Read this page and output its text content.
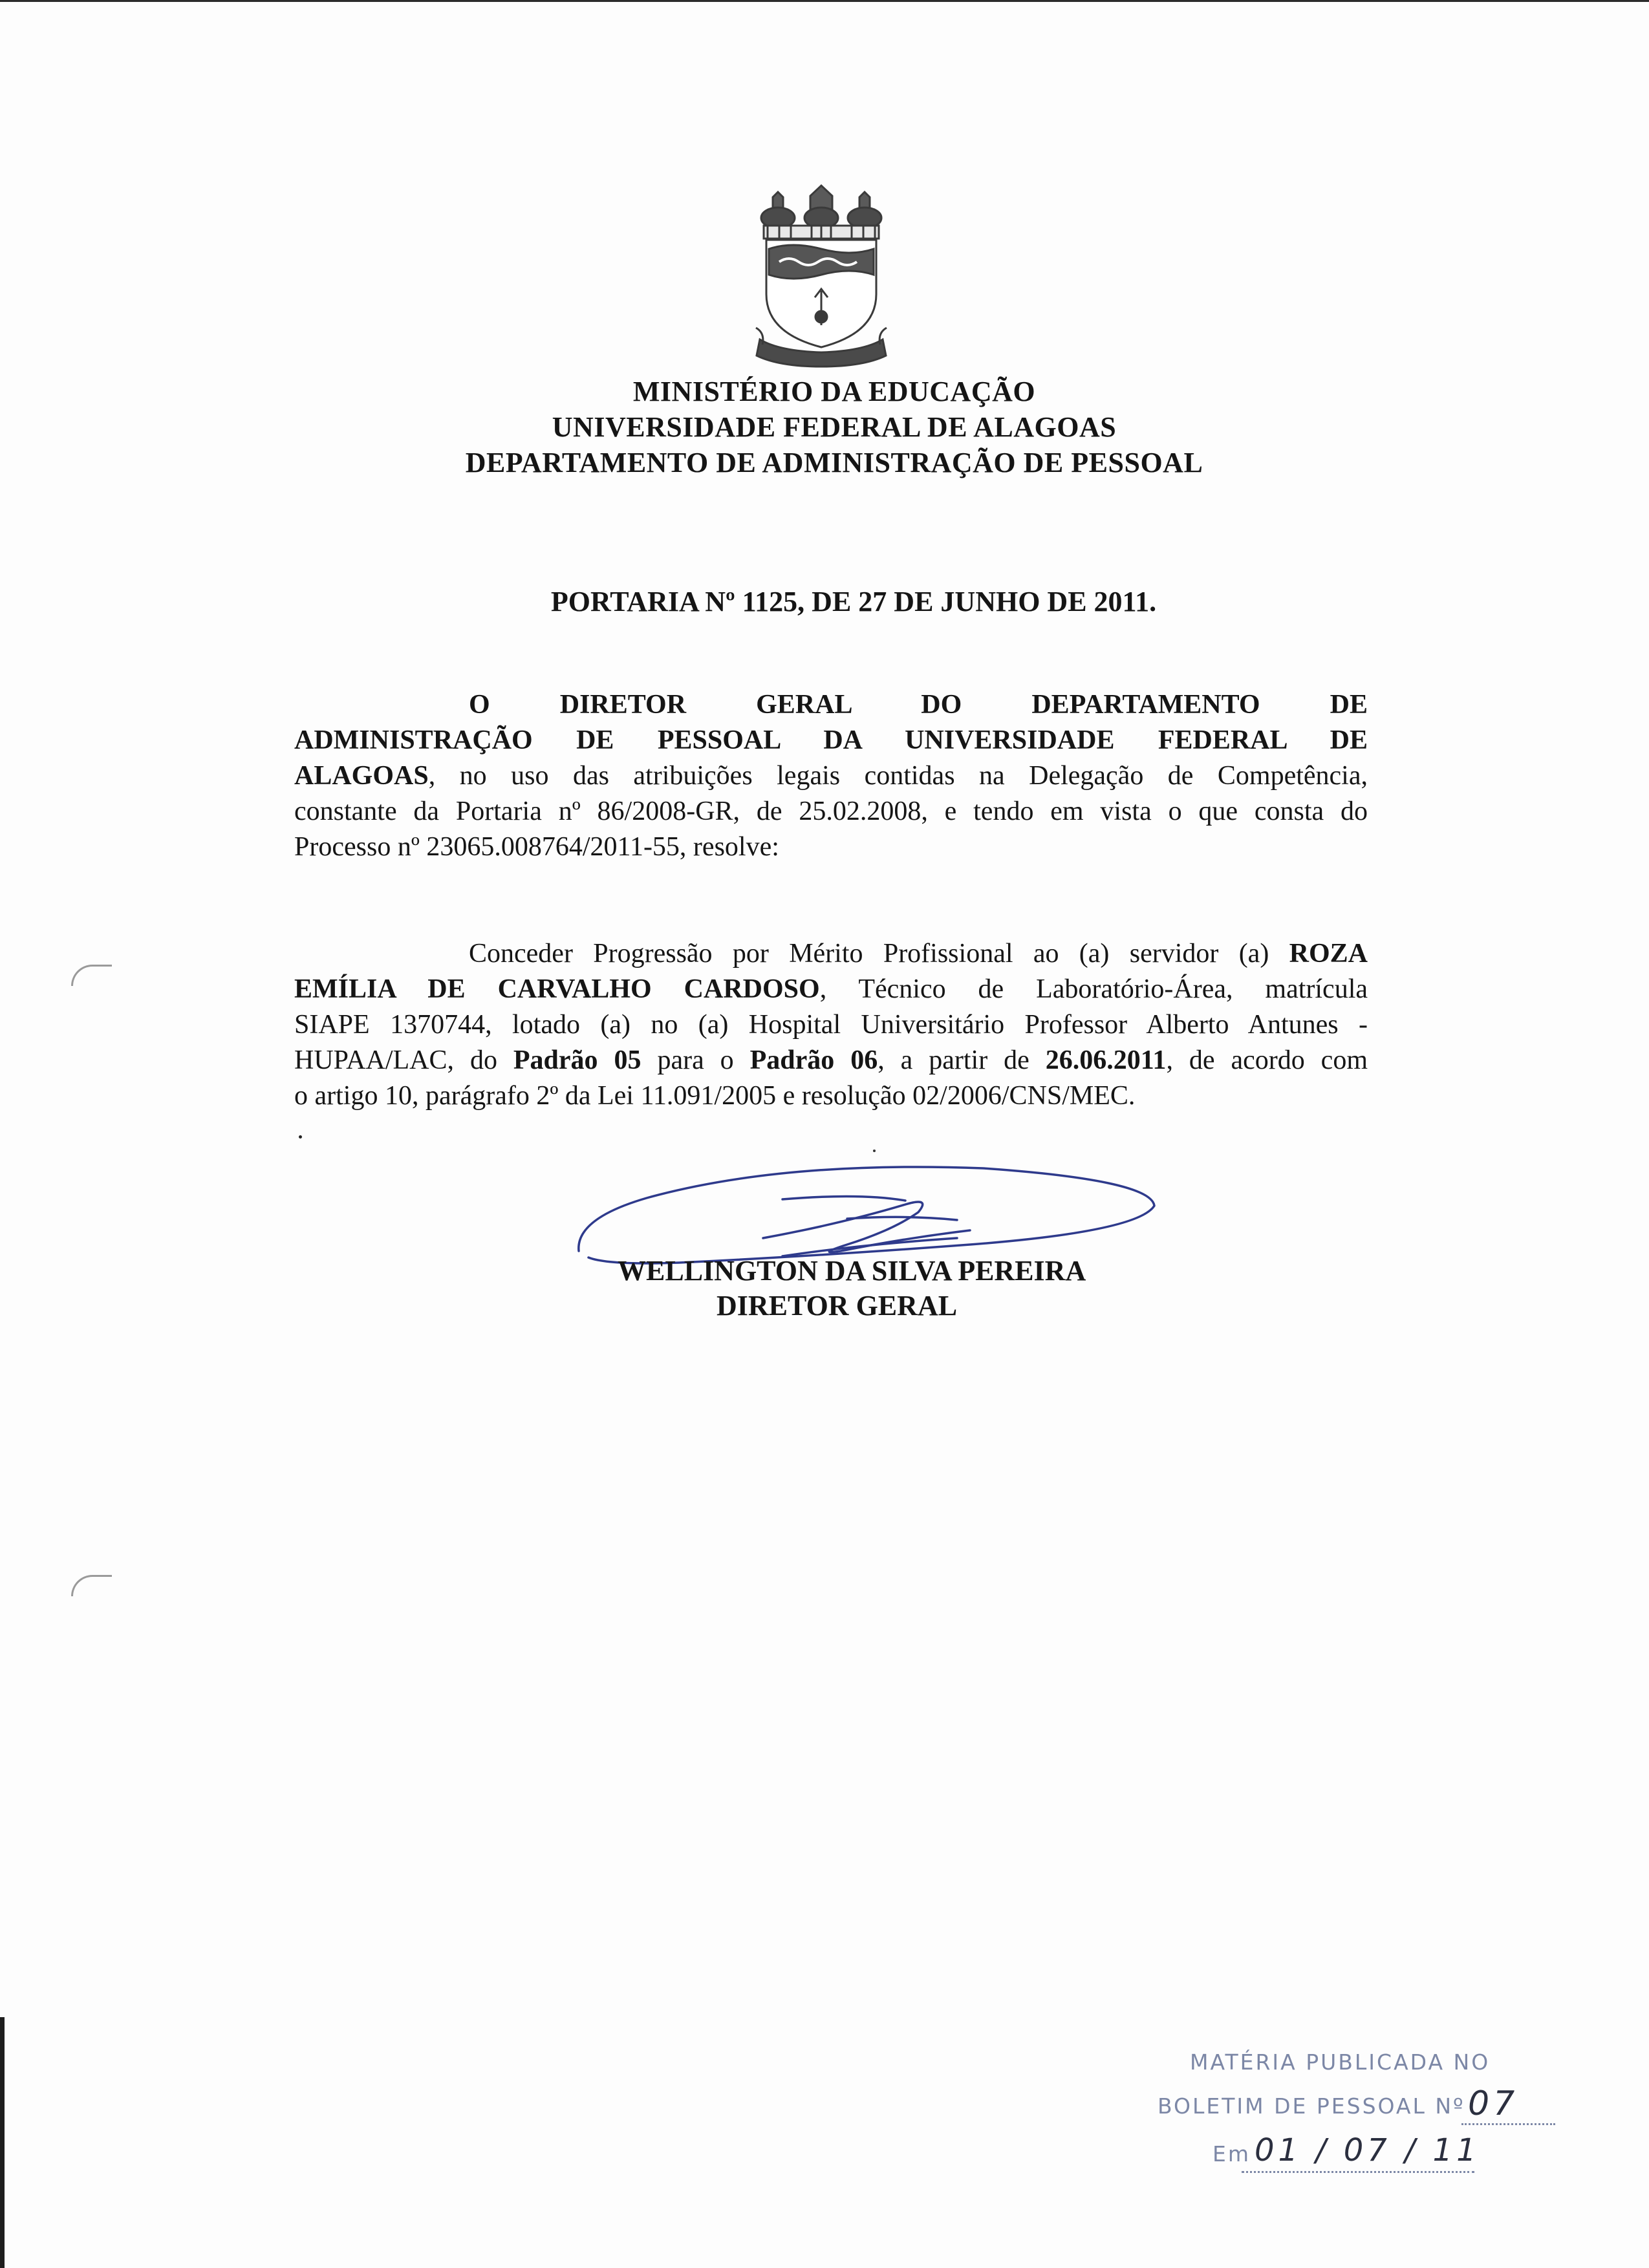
MINISTÉRIO DA EDUCAÇÃO
UNIVERSIDADE FEDERAL DE ALAGOAS
DEPARTAMENTO DE ADMINISTRAÇÃO DE PESSOAL
PORTARIA Nº 1125, DE 27 DE JUNHO DE 2011.
O DIRETOR GERAL DO DEPARTAMENTO DE
ADMINISTRAÇÃO DE PESSOAL DA UNIVERSIDADE FEDERAL DE
ALAGOAS, no uso das atribuições legais contidas na Delegação de Competência,
constante da Portaria nº 86/2008-GR, de 25.02.2008, e tendo em vista o que consta do
Processo nº 23065.008764/2011-55, resolve:
Conceder Progressão por Mérito Profissional ao (a) servidor (a) ROZA
EMÍLIA DE CARVALHO CARDOSO, Técnico de Laboratório-Área, matrícula
SIAPE 1370744, lotado (a) no (a) Hospital Universitário Professor Alberto Antunes -
HUPAA/LAC, do Padrão 05 para o Padrão 06, a partir de 26.06.2011, de acordo com
o artigo 10, parágrafo 2º da Lei 11.091/2005 e resolução 02/2006/CNS/MEC.
WELLINGTON DA SILVA PEREIRA
DIRETOR GERAL
MATÉRIA PUBLICADA NO
BOLETIM DE PESSOAL Nº 07
Em 01 / 07 / 11
